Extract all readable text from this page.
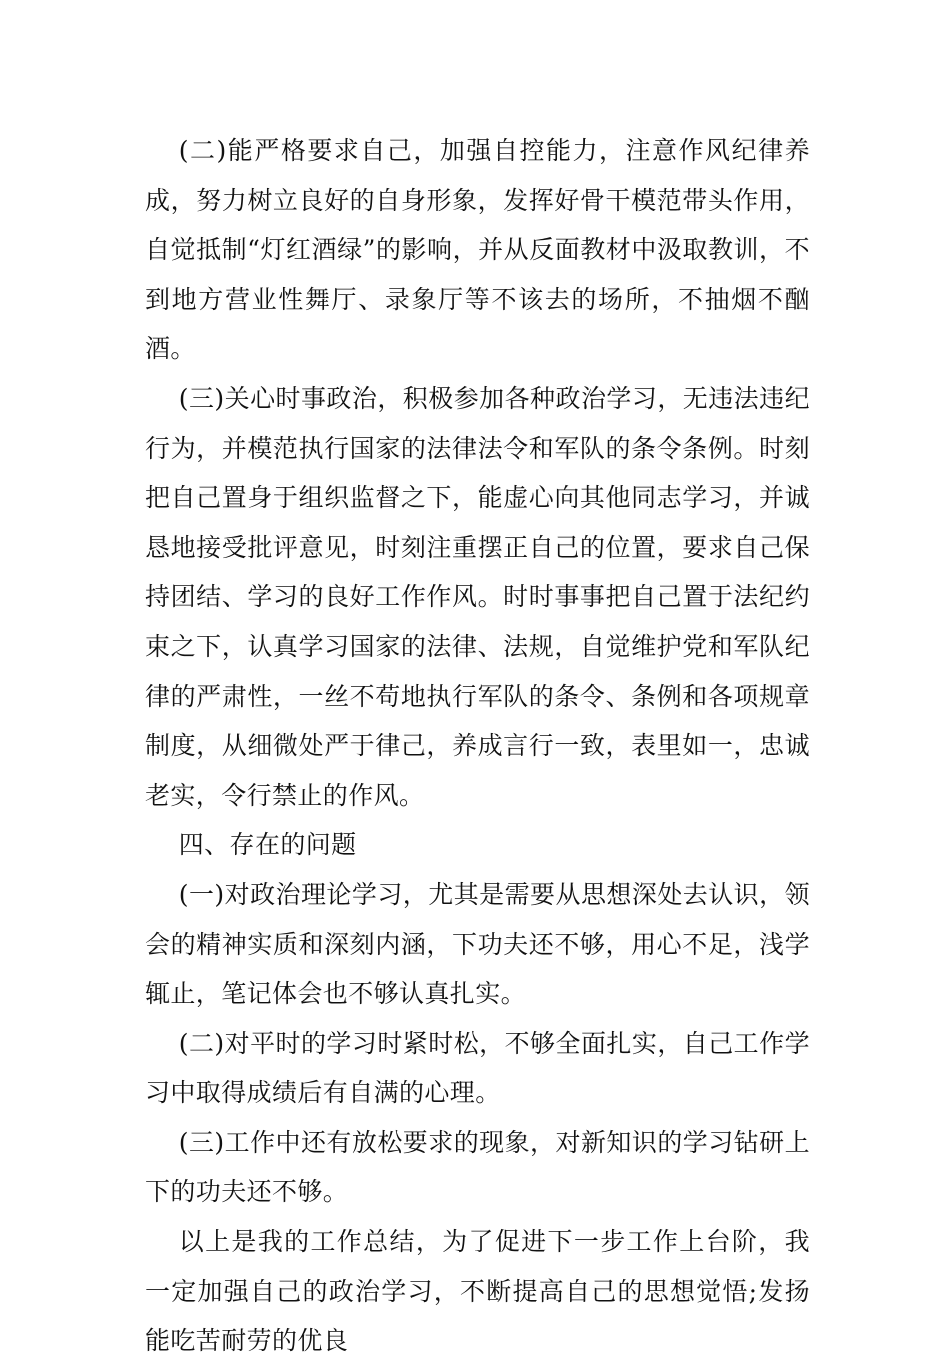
(二)能严格要求自己，加强自控能力，注意作风纪律养成，努力树立良好的自身形象，发挥好骨干模范带头作用，自觉抵制“灯红酒绿”的影响，并从反面教材中汲取教训，不到地方营业性舞厅、录象厅等不该去的场所，不抽烟不酗酒。

(三)关心时事政治，积极参加各种政治学习，无违法违纪行为，并模范执行国家的法律法令和军队的条令条例。时刻把自己置身于组织监督之下，能虚心向其他同志学习，并诚恳地接受批评意见，时刻注重摆正自己的位置，要求自己保持团结、学习的良好工作作风。时时事事把自己置于法纪约束之下，认真学习国家的法律、法规，自觉维护党和军队纪律的严肃性，一丝不苟地执行军队的条令、条例和各项规章制度，从细微处严于律己，养成言行一致，表里如一，忠诚老实，令行禁止的作风。

四、存在的问题

(一)对政治理论学习，尤其是需要从思想深处去认识，领会的精神实质和深刻内涵，下功夫还不够，用心不足，浅学辄止，笔记体会也不够认真扎实。

(二)对平时的学习时紧时松，不够全面扎实，自己工作学习中取得成绩后有自满的心理。

(三)工作中还有放松要求的现象，对新知识的学习钻研上下的功夫还不够。

以上是我的工作总结，为了促进下一步工作上台阶，我一定加强自己的政治学习，不断提高自己的思想觉悟;发扬能吃苦耐劳的优良
